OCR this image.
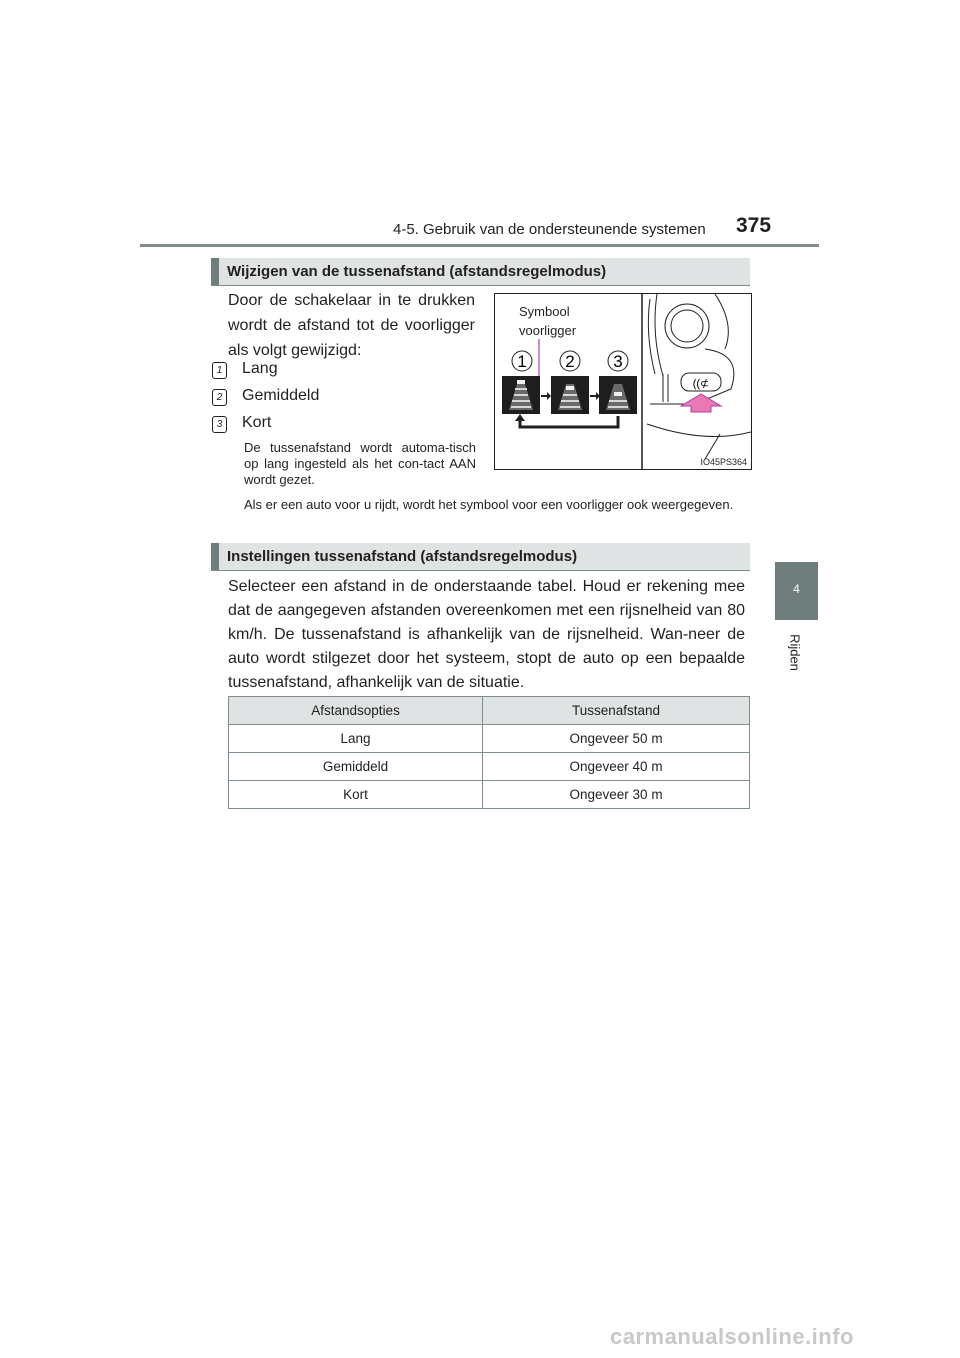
4-5. Gebruik van de ondersteunende systemen 375
4
Rijden
Wijzigen van de tussenafstand (afstandsregelmodus)
Door de schakelaar in te drukken wordt de afstand tot de voorligger als volgt gewijzigd:
1 Lang
2 Gemiddeld
3 Kort
De tussenafstand wordt automa-tisch op lang ingesteld als het con-tact AAN wordt gezet.
Als er een auto voor u rijdt, wordt het symbool voor een voorligger ook weergegeven.
Symbool
voorligger
1 2 3
((⊄
IO45PS364
Instellingen tussenafstand (afstandsregelmodus)
Selecteer een afstand in de onderstaande tabel. Houd er rekening mee dat de aangegeven afstanden overeenkomen met een rijsnelheid van 80 km/h. De tussenafstand is afhankelijk van de rijsnelheid. Wan-neer de auto wordt stilgezet door het systeem, stopt de auto op een bepaalde tussenafstand, afhankelijk van de situatie.
Afstandsopties	Tussenafstand
Lang	Ongeveer 50 m
Gemiddeld	Ongeveer 40 m
Kort	Ongeveer 30 m
carmanualsonline.info
